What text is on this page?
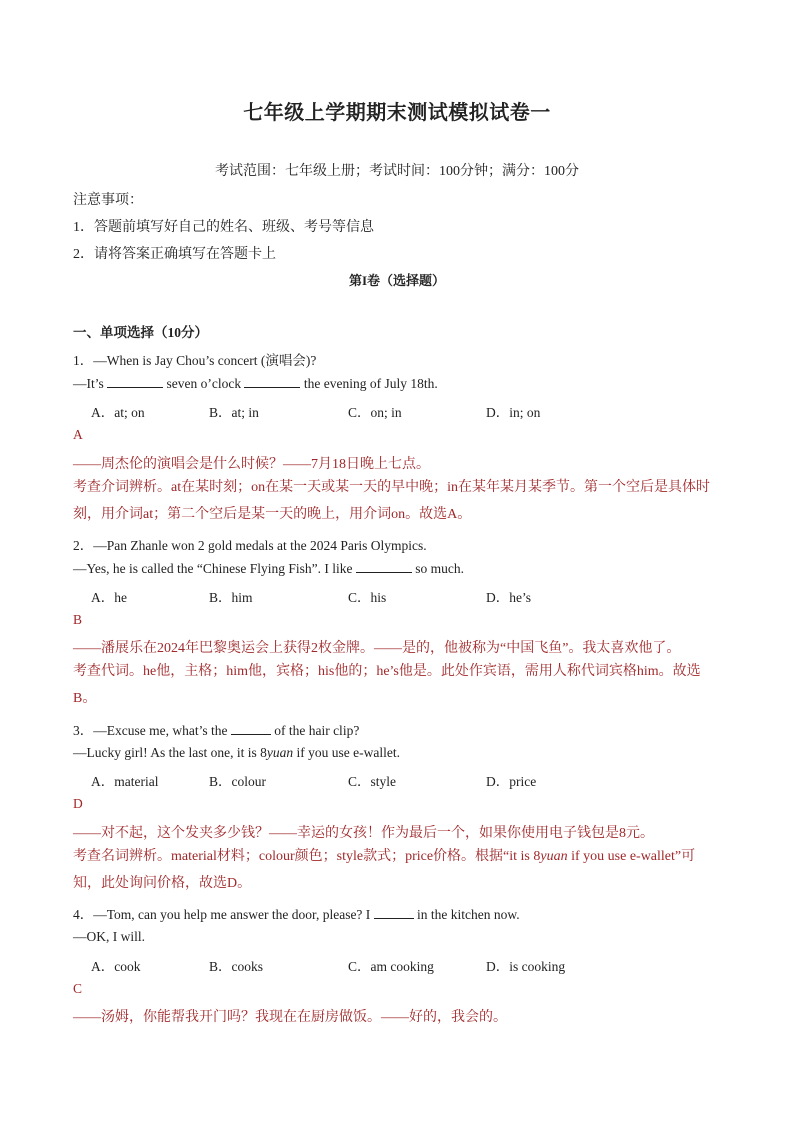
七年级上学期期末测试模拟试卷一
考试范围：七年级上册；考试时间：100分钟；满分：100分
注意事项：
1．答题前填写好自己的姓名、班级、考号等信息
2．请将答案正确填写在答题卡上
第I卷（选择题）
一、单项选择（10分）
1．—When is Jay Chou’s concert (演唱会)?
—It’s	seven o’clock	the evening of July 18th.
A．at; on	B．at; in	C．on; in	D．in; on
A
——周杰伦的演唱会是什么时候？——7月18日晚上七点。
考查介词辨析。at在某时刻；on在某一天或某一天的早中晚；in在某年某月某季节。第一个空后是具体时刻，用介词at；第二个空后是某一天的晚上，用介词on。故选A。
2．—Pan Zhanle won 2 gold medals at the 2024 Paris Olympics.
—Yes, he is called the “Chinese Flying Fish”. I like	so much.
A．he	B．him	C．his	D．he’s
B
——潘展乐在2024年巴黎奥运会上获得2枚金牌。——是的，他被称为“中国飞鱼”。我太喜欢他了。
考查代词。he他，主格；him他，宾格；his他的；he’s他是。此处作宾语，需用人称代词宾格him。故选B。
3．—Excuse me, what’s the	of the hair clip?
—Lucky girl! As the last one, it is 8yuan if you use e-wallet.
A．material	B．colour	C．style	D．price
D
——对不起，这个发夹多少钱？——幸运的女孩！作为最后一个，如果你使用电子钱包是8元。
考查名词辨析。material材料；colour颜色；style款式；price价格。根据“it is 8yuan if you use e-wallet”可知，此处询问价格，故选D。
4．—Tom, can you help me answer the door, please? I	in the kitchen now.
—OK, I will.
A．cook	B．cooks	C．am cooking	D．is cooking
C
——汤姆，你能帮我开门吗？我现在在厨房做饭。——好的，我会的。
